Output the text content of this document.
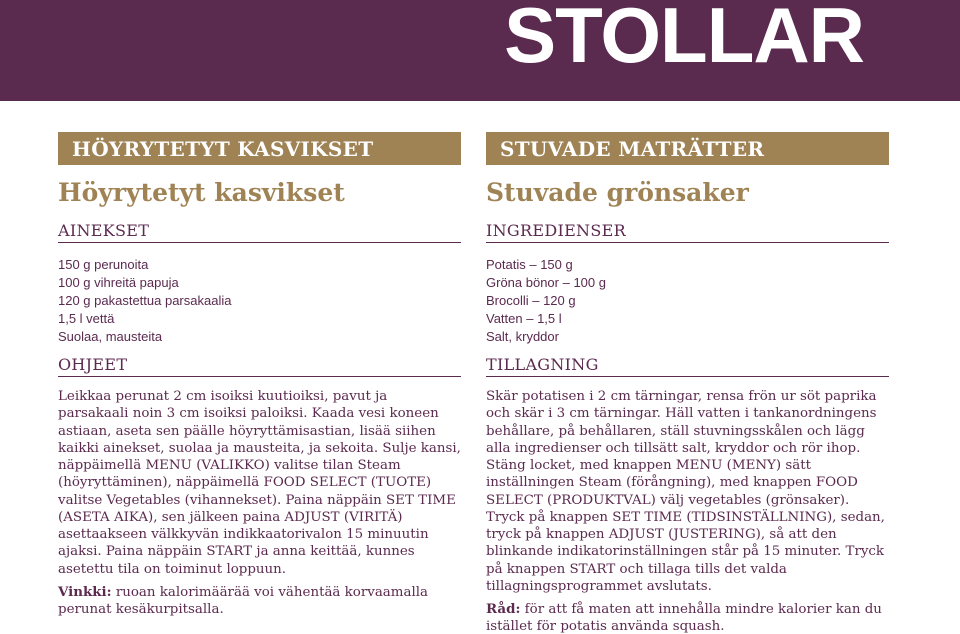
STOLLAR
HÖYRYTETYT KASVIKSET
Höyrytetyt kasvikset
AINEKSET
150 g perunoita
100 g vihreitä papuja
120 g pakastettua parsakaalia
1,5 l vettä
Suolaa, mausteita
OHJEET

Leikkaa perunat 2 cm isoiksi kuutioiksi, pavut ja parsakaali noin 3 cm isoiksi paloiksi. Kaada vesi koneen astiaan, aseta sen päälle höyryttämisastian, lisää siihen kaikki ainekset, suolaa ja mausteita, ja sekoita. Sulje kansi, näppäimellä MENU (VALIKKO) valitse tilan Steam (höyryttäminen), näppäimellä FOOD SELECT (TUOTE) valitse Vegetables (vihannekset). Paina näppäin SET TIME (ASETA AIKA), sen jälkeen paina ADJUST (VIRITÄ) asettaakseen välkkyvän indikkaatorivalon 15 minuutin ajaksi. Paina näppäin START ja anna keittää, kunnes asetettu tila on toiminut loppuun.

Vinkki: ruoan kalorimäärää voi vähentää korvaamalla perunat kesäkurpitsalla.

STUVADE MATRÄTTER
Stuvade grönsaker
INGREDIENSER
Potatis – 150 g
Gröna bönor – 100 g
Brocolli – 120 g
Vatten – 1,5 l
Salt, kryddor
TILLAGNING

Skär potatisen i 2 cm tärningar, rensa frön ur söt paprika och skär i 3 cm tärningar. Häll vatten i tankanordningens behållare, på behållaren, ställ stuvningsskålen och lägg alla ingredienser och tillsätt salt, kryddor och rör ihop. Stäng locket, med knappen MENU (MENY) sätt inställningen Steam (förångning), med knappen FOOD SELECT (PRODUKTVAL) välj vegetables (grönsaker). Tryck på knappen SET TIME (TIDSINSTÄLLNING), sedan, tryck på knappen ADJUST (JUSTERING), så att den blinkande indikatorinställningen står på 15 minuter. Tryck på knappen START och tillaga tills det valda tillagningsprogrammet avslutats.

Råd: för att få maten att innehålla mindre kalorier kan du istället för potatis använda squash.
